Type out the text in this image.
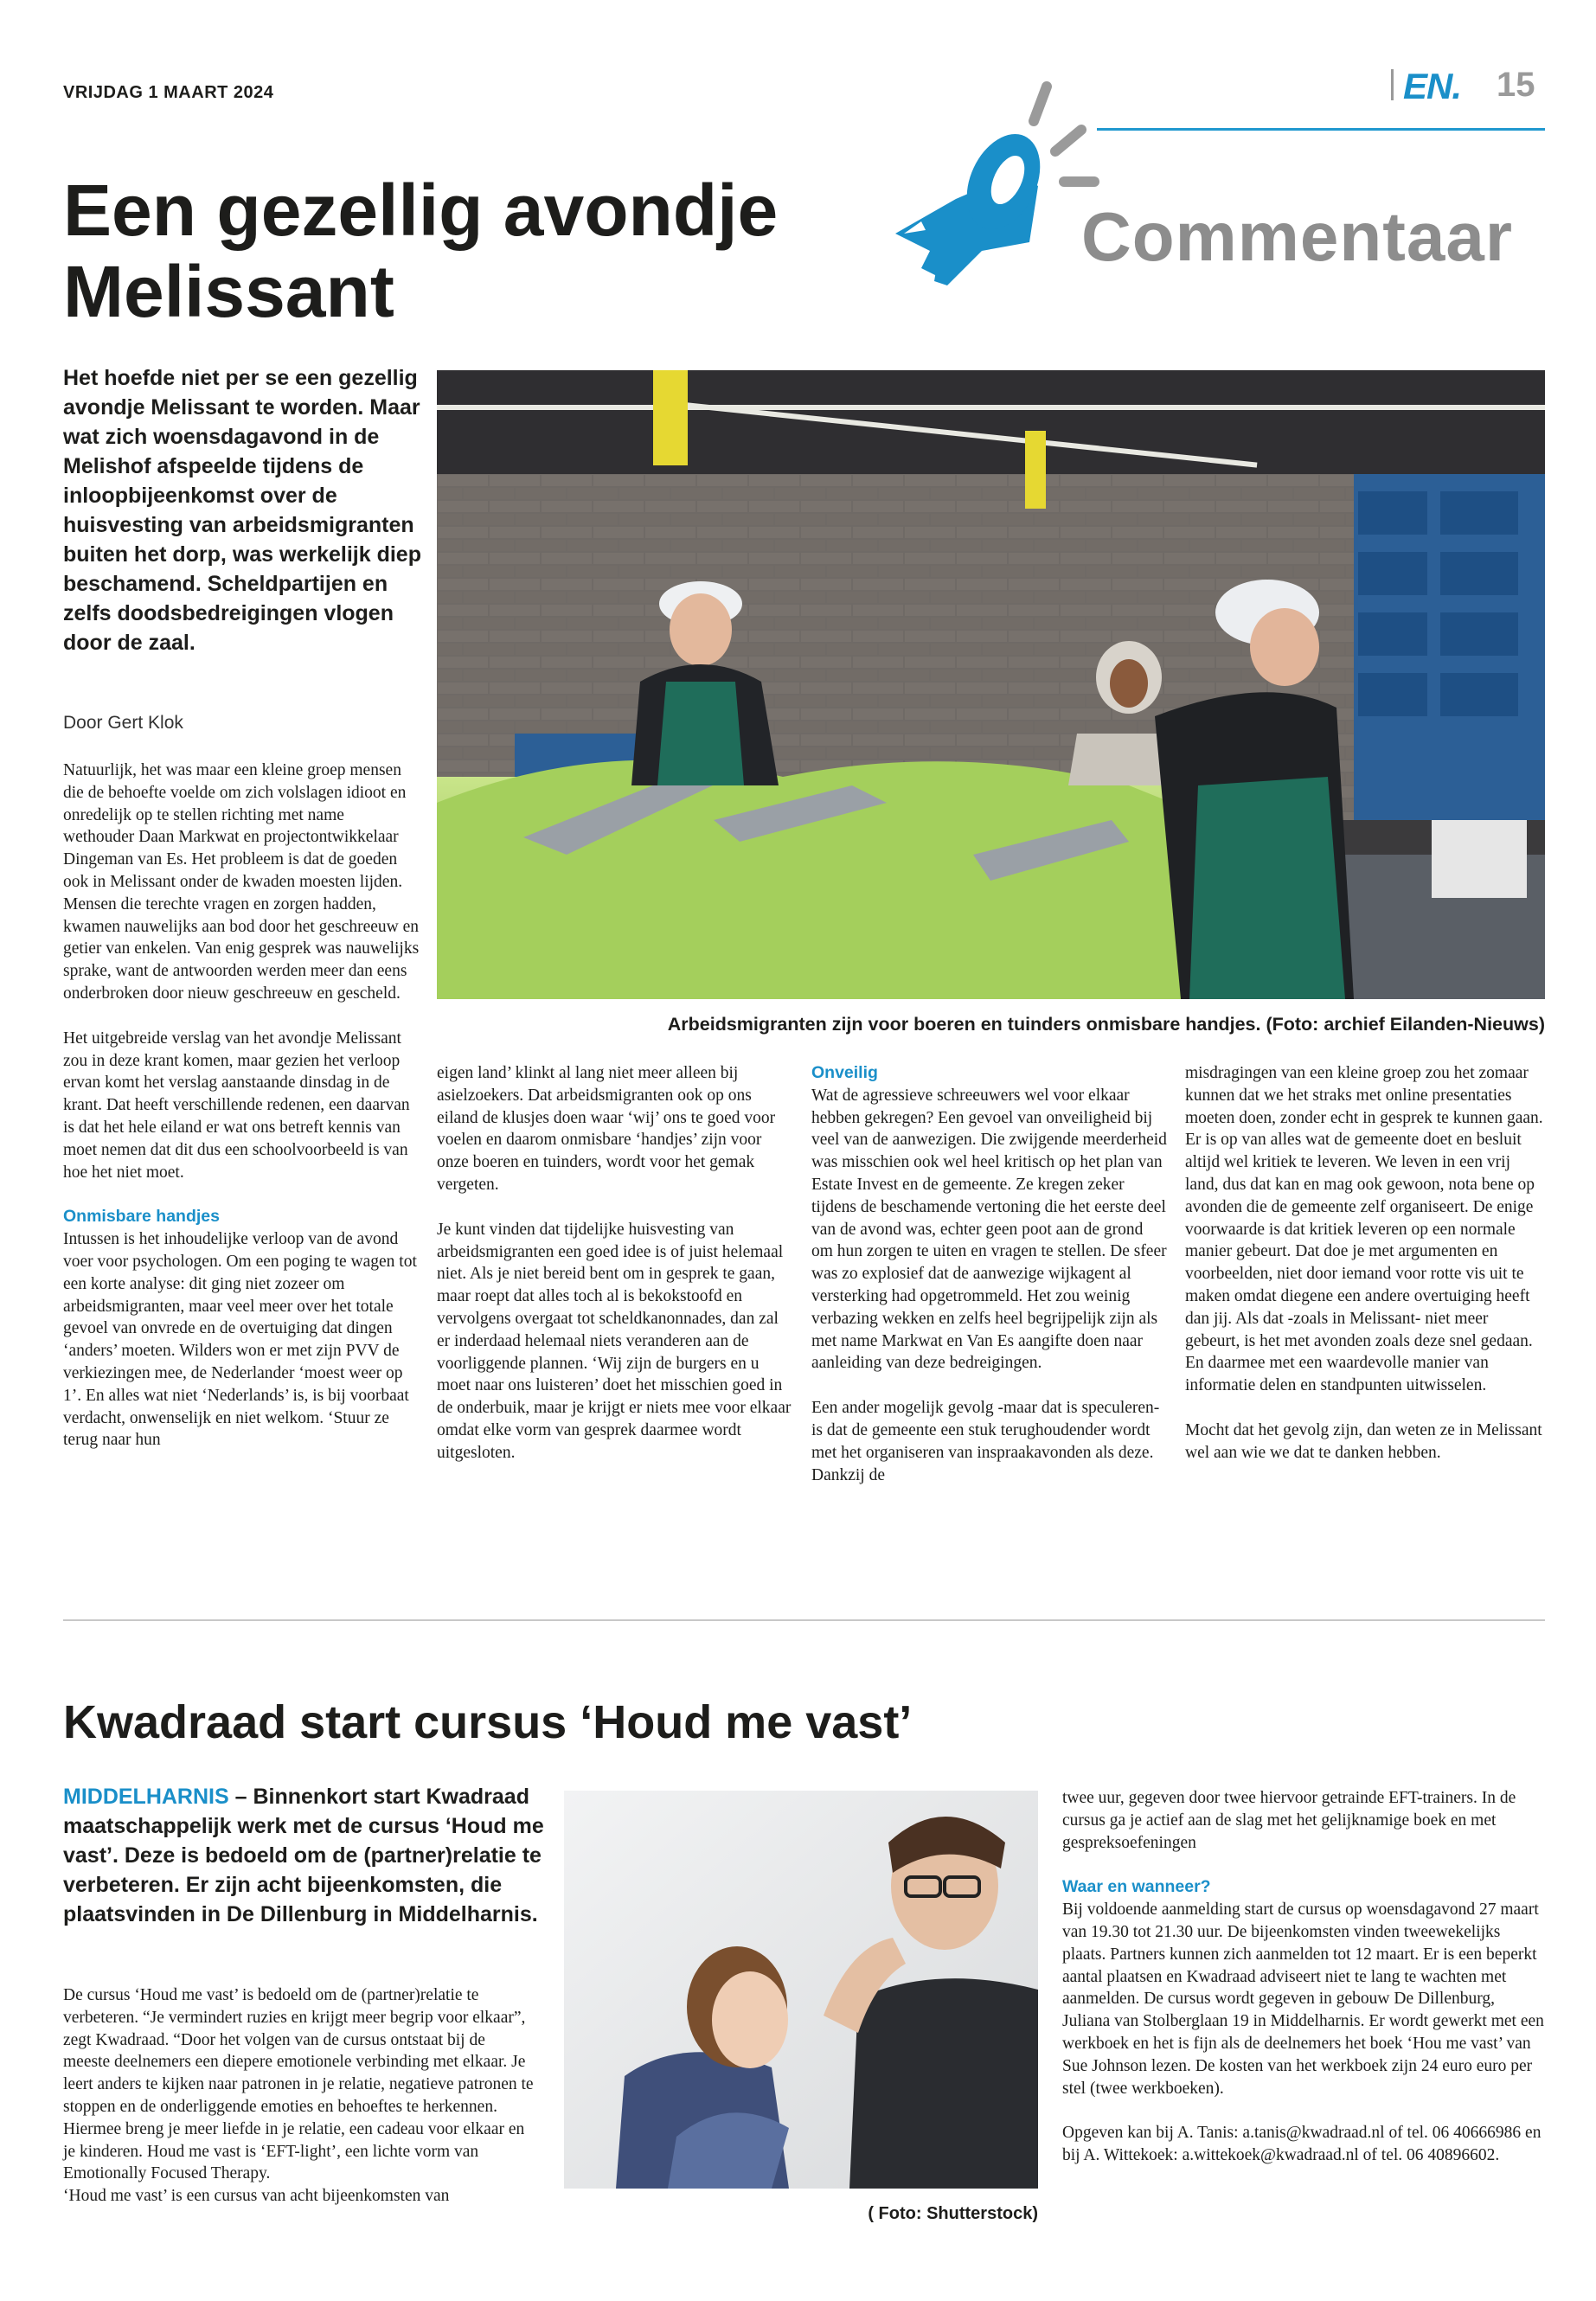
VRIJDAG 1 MAART 2024	EN. 15
Commentaar
Een gezellig avondje Melissant
Het hoefde niet per se een gezellig avondje Melissant te worden. Maar wat zich woensdagavond in de Melishof afspeelde tijdens de inloopbijeenkomst over de huisvesting van arbeidsmigranten buiten het dorp, was werkelijk diep beschamend. Scheldpartijen en zelfs doodsbedreigingen vlogen door de zaal.
Door Gert Klok
Arbeidsmigranten zijn voor boeren en tuinders onmisbare handjes. (Foto: archief Eilanden-Nieuws)

Natuurlijk, het was maar een kleine groep mensen die de behoefte voelde om zich volslagen idioot en onredelijk op te stellen richting met name wethouder Daan Markwat en projectontwikkelaar Dingeman van Es. Het probleem is dat de goeden ook in Melissant onder de kwaden moesten lijden. Mensen die terechte vragen en zorgen hadden, kwamen nauwelijks aan bod door het geschreeuw en getier van enkelen. Van enig gesprek was nauwelijks sprake, want de antwoorden werden meer dan eens onderbroken door nieuw geschreeuw en gescheld.

Het uitgebreide verslag van het avondje Melissant zou in deze krant komen, maar gezien het verloop ervan komt het verslag aanstaande dinsdag in de krant. Dat heeft verschillende redenen, een daarvan is dat het hele eiland er wat ons betreft kennis van moet nemen dat dit dus een schoolvoorbeeld is van hoe het niet moet.

Onmisbare handjes

Intussen is het inhoudelijke verloop van de avond voer voor psychologen. Om een poging te wagen tot een korte analyse: dit ging niet zozeer om arbeidsmigranten, maar veel meer over het totale gevoel van onvrede en de overtuiging dat dingen ‘anders’ moeten. Wilders won er met zijn PVV de verkiezingen mee, de Nederlander ‘moest weer op 1’. En alles wat niet ‘Nederlands’ is, is bij voorbaat verdacht, onwenselijk en niet welkom. ‘Stuur ze terug naar hun

eigen land’ klinkt al lang niet meer alleen bij asielzoekers. Dat arbeidsmigranten ook op ons eiland de klusjes doen waar ‘wij’ ons te goed voor voelen en daarom onmisbare ‘handjes’ zijn voor onze boeren en tuinders, wordt voor het gemak vergeten.

Je kunt vinden dat tijdelijke huisvesting van arbeidsmigranten een goed idee is of juist helemaal niet. Als je niet bereid bent om in gesprek te gaan, maar roept dat alles toch al is bekokstoofd en vervolgens overgaat tot scheldkanonnades, dan zal er inderdaad helemaal niets veranderen aan de voorliggende plannen. ‘Wij zijn de burgers en u moet naar ons luisteren’ doet het misschien goed in de onderbuik, maar je krijgt er niets mee voor elkaar omdat elke vorm van gesprek daarmee wordt uitgesloten.

Onveilig

Wat de agressieve schreeuwers wel voor elkaar hebben gekregen? Een gevoel van onveiligheid bij veel van de aanwezigen. Die zwijgende meerderheid was misschien ook wel heel kritisch op het plan van Estate Invest en de gemeente. Ze kregen zeker tijdens de beschamende vertoning die het eerste deel van de avond was, echter geen poot aan de grond om hun zorgen te uiten en vragen te stellen. De sfeer was zo explosief dat de aanwezige wijkagent al versterking had opgetrommeld. Het zou weinig verbazing wekken en zelfs heel begrijpelijk zijn als met name Markwat en Van Es aangifte doen naar aanleiding van deze bedreigingen.

Een ander mogelijk gevolg -maar dat is speculeren- is dat de gemeente een stuk terughoudender wordt met het organiseren van inspraakavonden als deze. Dankzij de

misdragingen van een kleine groep zou het zomaar kunnen dat we het straks met online presentaties moeten doen, zonder echt in gesprek te kunnen gaan. Er is op van alles wat de gemeente doet en besluit altijd wel kritiek te leveren. We leven in een vrij land, dus dat kan en mag ook gewoon, nota bene op avonden die de gemeente zelf organiseert. De enige voorwaarde is dat kritiek leveren op een normale manier gebeurt. Dat doe je met argumenten en voorbeelden, niet door iemand voor rotte vis uit te maken omdat diegene een andere overtuiging heeft dan jij. Als dat -zoals in Melissant- niet meer gebeurt, is het met avonden zoals deze snel gedaan. En daarmee met een waardevolle manier van informatie delen en standpunten uitwisselen.

Mocht dat het gevolg zijn, dan weten ze in Melissant wel aan wie we dat te danken hebben.

Kwadraad start cursus ‘Houd me vast’
MIDDELHARNIS – Binnenkort start Kwadraad maatschappelijk werk met de cursus ‘Houd me vast’. Deze is bedoeld om de (partner)relatie te verbeteren. Er zijn acht bijeenkomsten, die plaatsvinden in De Dillenburg in Middelharnis.

De cursus ‘Houd me vast’ is bedoeld om de (partner)relatie te verbeteren. “Je vermindert ruzies en krijgt meer begrip voor elkaar”, zegt Kwadraad. “Door het volgen van de cursus ontstaat bij de meeste deelnemers een diepere emotionele verbinding met elkaar. Je leert anders te kijken naar patronen in je relatie, negatieve patronen te stoppen en de onderliggende emoties en behoeftes te herkennen. Hiermee breng je meer liefde in je relatie, een cadeau voor elkaar en je kinderen. Houd me vast is ‘EFT-light’, een lichte vorm van Emotionally Focused Therapy.

‘Houd me vast’ is een cursus van acht bijeenkomsten van

( Foto: Shutterstock)

twee uur, gegeven door twee hiervoor getrainde EFT-trainers. In de cursus ga je actief aan de slag met het gelijknamige boek en met gespreksoefeningen

Waar en wanneer?

Bij voldoende aanmelding start de cursus op woensdagavond 27 maart van 19.30 tot 21.30 uur. De bijeenkomsten vinden tweewekelijks plaats. Partners kunnen zich aanmelden tot 12 maart. Er is een beperkt aantal plaatsen en Kwadraad adviseert niet te lang te wachten met aanmelden. De cursus wordt gegeven in gebouw De Dillenburg, Juliana van Stolberglaan 19 in Middelharnis. Er wordt gewerkt met een werkboek en het is fijn als de deelnemers het boek ‘Hou me vast’ van Sue Johnson lezen. De kosten van het werkboek zijn 24 euro euro per stel (twee werkboeken).

Opgeven kan bij A. Tanis: a.tanis@kwadraad.nl of tel. 06 40666986 en bij A. Wittekoek: a.wittekoek@kwadraad.nl of tel. 06 40896602.
